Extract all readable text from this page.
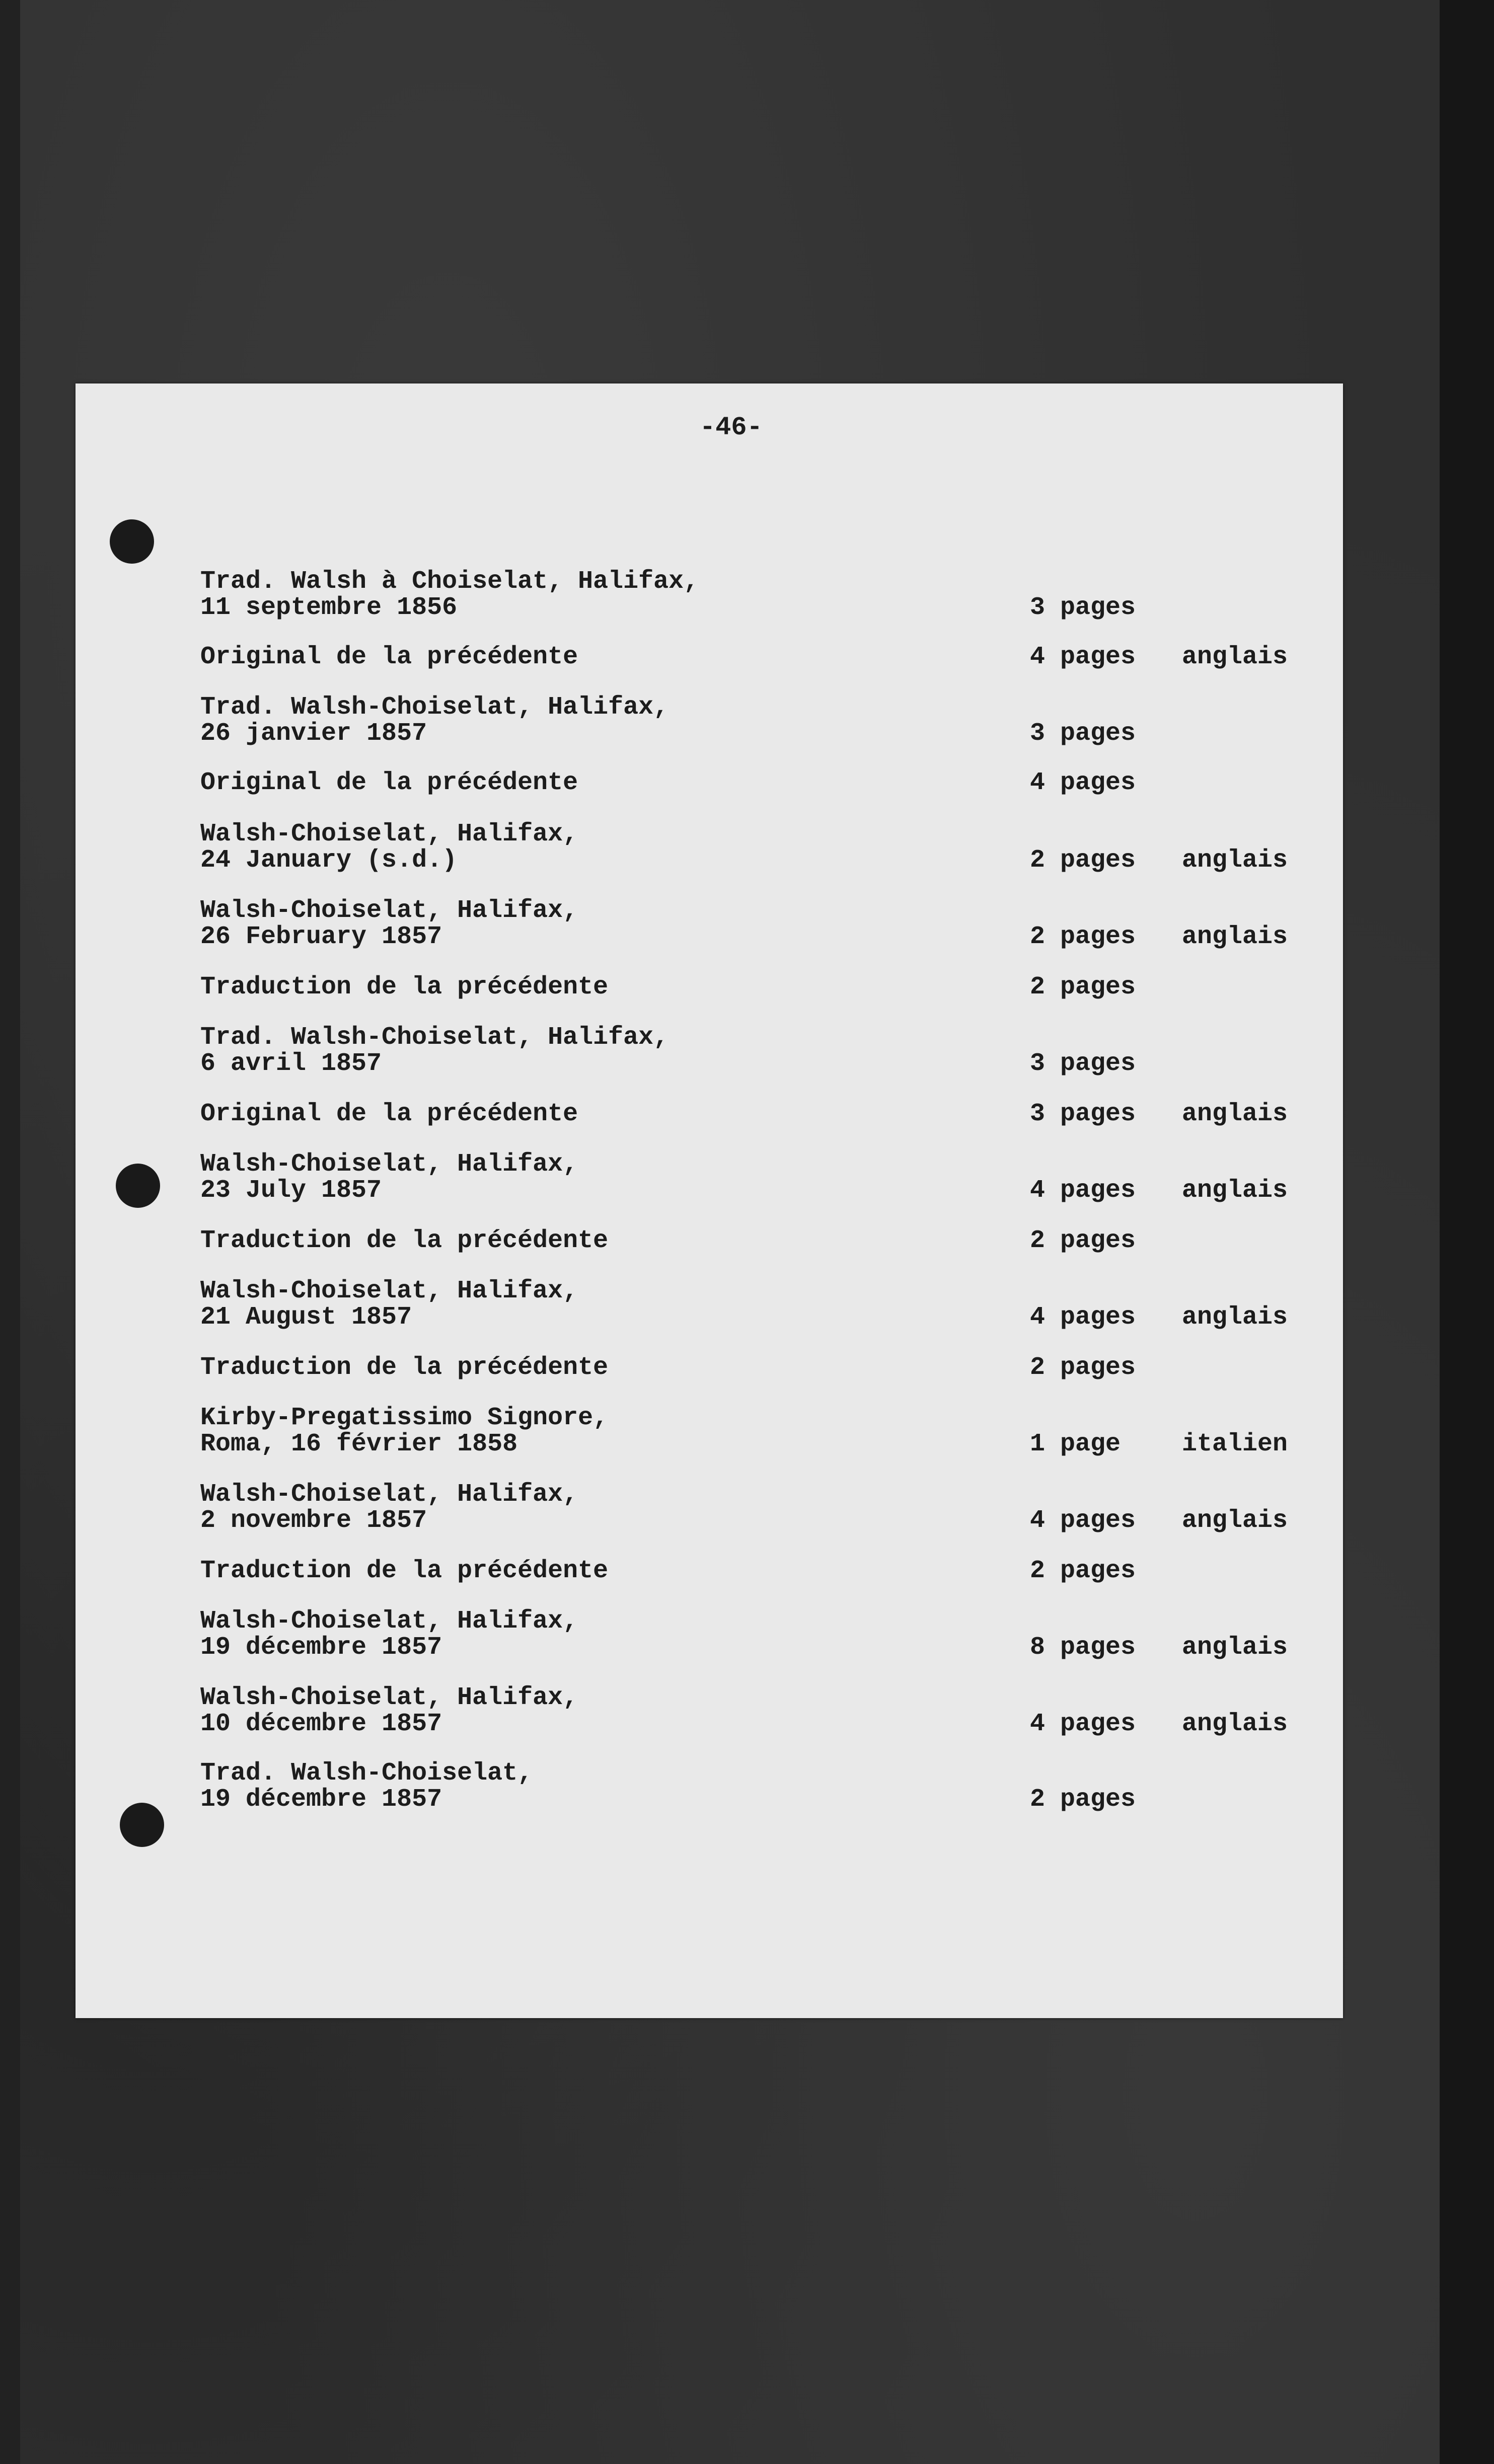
-46-
Trad. Walsh à Choiselat, Halifax,
11 septembre 1856	3 pages
Original de la précédente	4 pages anglais
Trad. Walsh-Choiselat, Halifax,
26 janvier 1857	3 pages
Original de la précédente	4 pages
Walsh-Choiselat, Halifax,
24 January (s.d.)	2 pages anglais
Walsh-Choiselat, Halifax,
26 February 1857	2 pages anglais
Traduction de la précédente	2 pages
Trad. Walsh-Choiselat, Halifax,
6 avril 1857	3 pages
Original de la précédente	3 pages anglais
Walsh-Choiselat, Halifax,
23 July 1857	4 pages anglais
Traduction de la précédente	2 pages
Walsh-Choiselat, Halifax,
21 August 1857	4 pages anglais
Traduction de la précédente	2 pages
Kirby-Pregatissimo Signore,
Roma, 16 février 1858	1 page italien
Walsh-Choiselat, Halifax,
2 novembre 1857	4 pages anglais
Traduction de la précédente	2 pages
Walsh-Choiselat, Halifax,
19 décembre 1857	8 pages anglais
Walsh-Choiselat, Halifax,
10 décembre 1857	4 pages anglais
Trad. Walsh-Choiselat,
19 décembre 1857	2 pages
